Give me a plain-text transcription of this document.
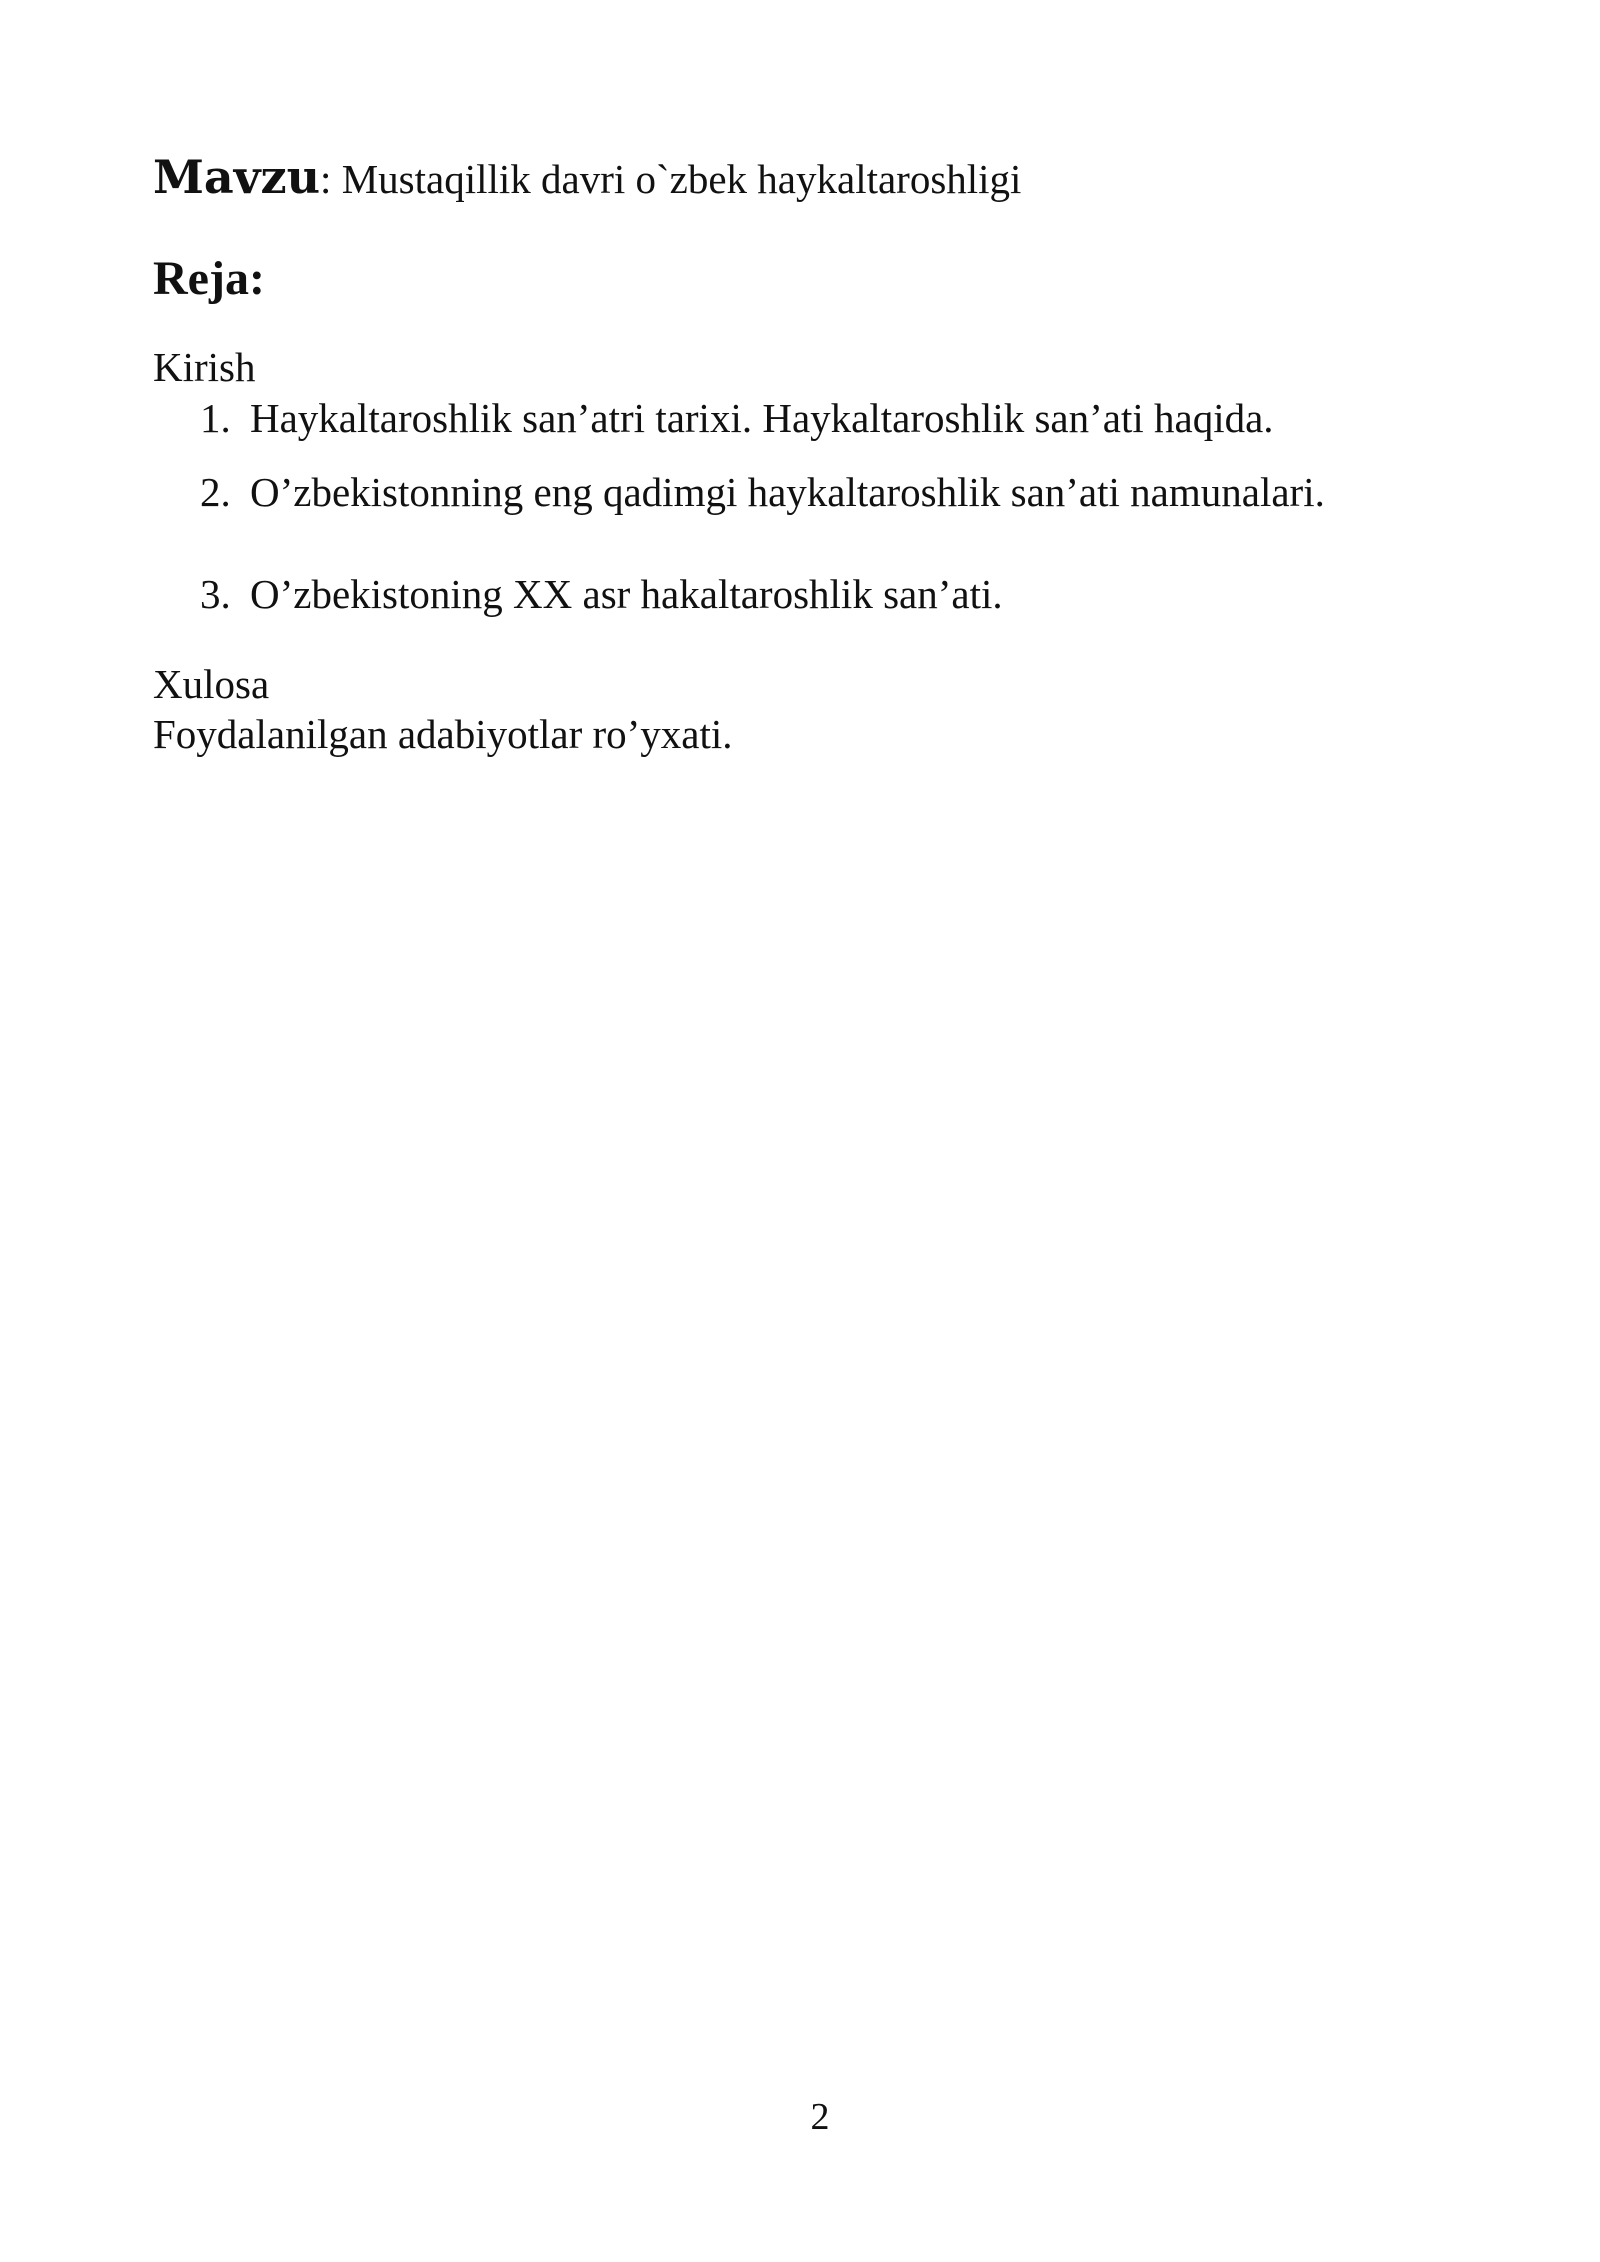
Mavzu: Mustaqillik davri o`zbek haykaltaroshligi
Reja:
Kirish
1. Haykaltaroshlik san’atri tarixi. Haykaltaroshlik san’ati haqida.
2. O’zbekistonning eng qadimgi haykaltaroshlik san’ati namunalari.
3. O’zbekistoning XX asr hakaltaroshlik san’ati.
Xulosa
Foydalanilgan adabiyotlar ro’yxati.
2
